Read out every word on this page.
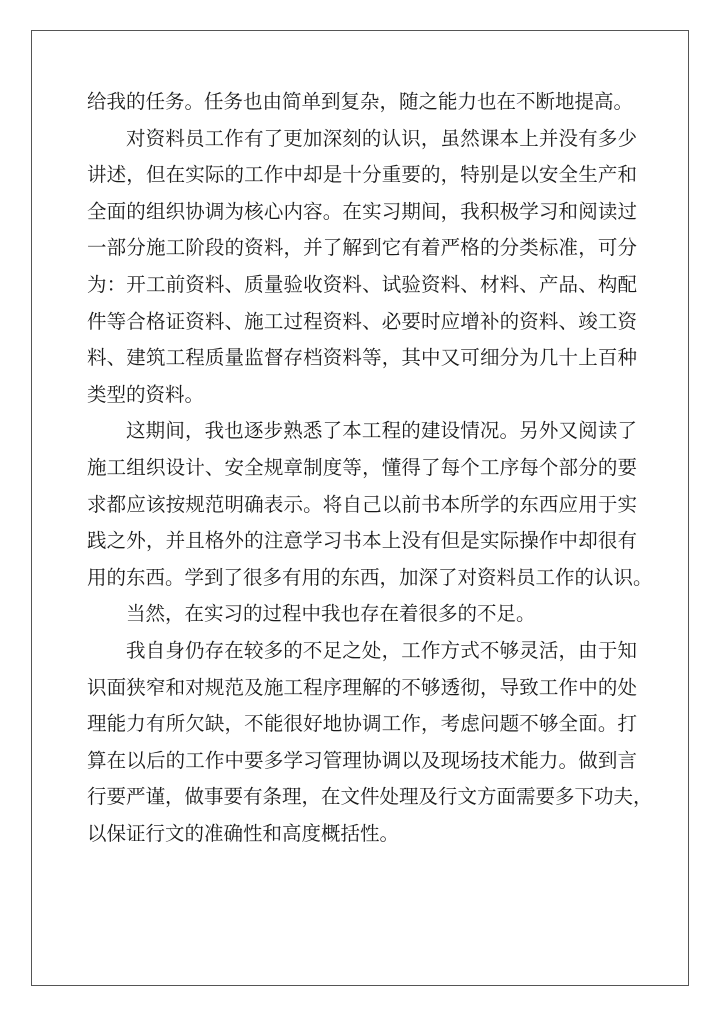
给我的任务。任务也由简单到复杂，随之能力也在不断地提高。

对资料员工作有了更加深刻的认识，虽然课本上并没有多少
讲述，但在实际的工作中却是十分重要的，特别是以安全生产和
全面的组织协调为核心内容。在实习期间，我积极学习和阅读过
一部分施工阶段的资料，并了解到它有着严格的分类标准，可分
为：开工前资料、质量验收资料、试验资料、材料、产品、构配
件等合格证资料、施工过程资料、必要时应增补的资料、竣工资
料、建筑工程质量监督存档资料等，其中又可细分为几十上百种
类型的资料。

这期间，我也逐步熟悉了本工程的建设情况。另外又阅读了
施工组织设计、安全规章制度等，懂得了每个工序每个部分的要
求都应该按规范明确表示。将自己以前书本所学的东西应用于实
践之外，并且格外的注意学习书本上没有但是实际操作中却很有
用的东西。学到了很多有用的东西，加深了对资料员工作的认识。

当然，在实习的过程中我也存在着很多的不足。

我自身仍存在较多的不足之处，工作方式不够灵活，由于知
识面狭窄和对规范及施工程序理解的不够透彻，导致工作中的处
理能力有所欠缺，不能很好地协调工作，考虑问题不够全面。打
算在以后的工作中要多学习管理协调以及现场技术能力。做到言
行要严谨，做事要有条理，在文件处理及行文方面需要多下功夫，
以保证行文的准确性和高度概括性。
